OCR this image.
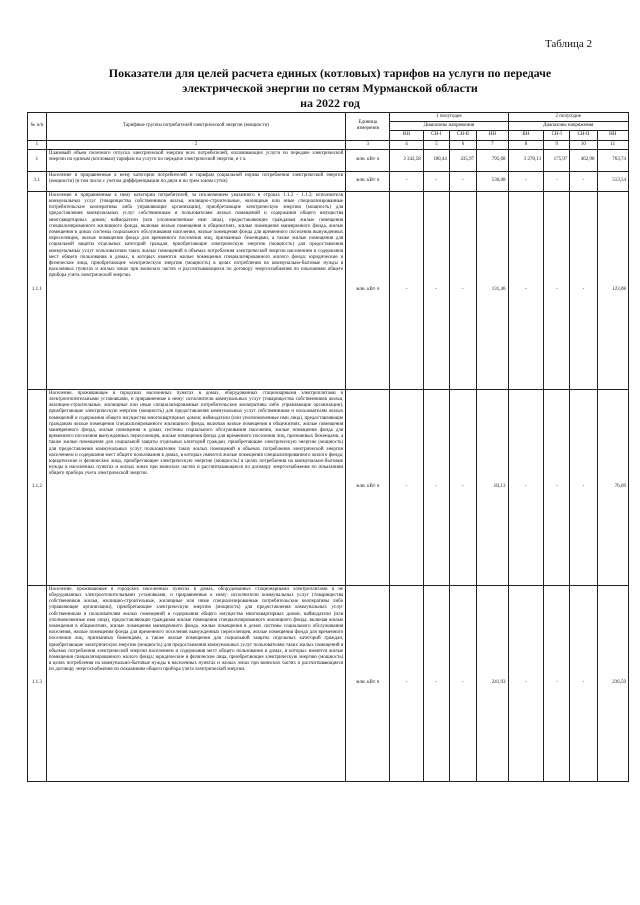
Таблица 2
Показатели для целей расчета единых (котловых) тарифов на услуги по передаче
электрической энергии по сетям Мурманской области
на 2022 год
№ п/п	Тарифные группы потребителей электрической энергии (мощности)	Единица измерения	1 полугодие				2 полугодие			
			Диапазоны напряжения				Диапазоны напряжения			
			ВН	СН-I	СН-II	НН	ВН	СН-I	СН-II	НН
1	2	3	4	5	6	7	8	9	10	11
1	Плановый объем полезного отпуска электрической энергии всех потребителей, оплачивающих услуги по передаче электрической энергии по единым (котловым) тарифам на услуги по передаче электрической энергии, в т.ч.	млн. кВт·ч	3 342,58	180,44	435,97	795,68	3 278,13	175,97	462,98	763,74
1.1	Население и приравненные к нему категории потребителей и тарифам социальной нормы потребления электрической энергии (мощности) (в том числе с учетом дифференциации по двум и по трем зонам суток)	млн. кВт·ч	-	-	-	536,08	-	-	-	513,54
1.1.1	Население и приравненные к нему категории потребителей, за исключением указанного в строках 1.1.2 - 1.1.3; исполнители коммунальных услуг (товарищества собственников жилья, жилищно-строительные, жилищные или иные специализированные потребительские кооперативы либо управляющие организации), приобретающие электрическую энергию (мощность) для предоставления коммунальных услуг собственникам и пользователям жилых помещений и содержания общего имущества многоквартирных домов; наймодатели (или уполномоченные ими лица), предоставляющие гражданам жилые помещения специализированного жилищного фонда, включая жилые помещения в общежитиях, жилые помещения маневренного фонда, жилые помещения в домах системы социального обслуживания населения, жилые помещения фонда для временного поселения вынужденных переселенцев, жилые помещения фонда для временного поселения лиц, признанных беженцами, а также жилые помещения для социальной защиты отдельных категорий граждан, приобретающие электрическую энергию (мощность) для предоставления коммунальных услуг пользователям таких жилых помещений в объемах потребления электрической энергии населением и содержания мест общего пользования в домах, в которых имеются жилые помещения специализированного жилого фонда; юридические и физические лица, приобретающие электрическую энергию (мощность) в целях потребления на коммунально-бытовые нужды в населенных пунктах и жилых зонах при воинских частях и рассчитывающиеся по договору энергоснабжения по показаниям общего прибора учета электрической энергии.	млн. кВт·ч	-	-	-	131,46	-	-	-	123,08
1.1.2	Население, проживающее в городских населенных пунктах в домах, оборудованных стационарными электроплитами и электроотопительными установками, и приравненные к нему: исполнители коммунальных услуг (товарищества собственников жилья, жилищно-строительные, жилищные или иные специализированные потребительские кооперативы либо управляющие организации), приобретающие электрическую энергию (мощность) для предоставления коммунальных услуг собственникам и пользователям жилых помещений и содержания общего имущества многоквартирных домов; наймодатели (или уполномоченные ими лица), предоставляющие гражданам жилые помещения специализированного жилищного фонда, включая жилые помещения в общежитиях, жилые помещения маневренного фонда, жилые помещения в домах системы социального обслуживания населения, жилые помещения фонда для временного поселения вынужденных переселенцев, жилые помещения фонда для временного поселения лиц, признанных беженцами, а также жилые помещения для социальной защиты отдельных категорий граждан, приобретающие электрическую энергию (мощность) для предоставления коммунальных услуг пользователям таких жилых помещений в объемах потребления электрической энергии населением и содержания мест общего пользования в домах, в которых имеются жилые помещения специализированного жилого фонда; юридические и физические лица, приобретающие электрическую энергию (мощность) в целях потребления на коммунально-бытовые нужды в населенных пунктах и жилых зонах при воинских частях и рассчитывающиеся по договору энергоснабжения по показаниям общего прибора учета электрической энергии.	млн. кВт·ч	-	-	-	83,13	-	-	-	76,09
1.1.3	Население, проживающее в городских населенных пунктах в домах, оборудованных стационарными электроплитами и не оборудованных электроотопительными установками, и приравненные к нему: исполнители коммунальных услуг (товарищества собственников жилья, жилищно-строительные, жилищные или иные специализированные потребительские кооперативы либо управляющие организации), приобретающие электрическую энергию (мощность) для предоставления коммунальных услуг собственникам и пользователям жилых помещений и содержания общего имущества многоквартирных домов; наймодатели (или уполномоченные ими лица), предоставляющие гражданам жилые помещения специализированного жилищного фонда, включая жилые помещения в общежитиях, жилые помещения маневренного фонда, жилые помещения в домах системы социального обслуживания населения, жилые помещения фонда для временного поселения вынужденных переселенцев, жилые помещения фонда для временного поселения лиц, признанных беженцами, а также жилые помещения для социальной защиты отдельных категорий граждан, приобретающие электрическую энергию (мощность) для предоставления коммунальных услуг пользователям таких жилых помещений в объемах потребления электрической энергии населением и содержания мест общего пользования в домах, в которых имеются жилые помещения специализированного жилого фонда; юридические и физические лица, приобретающие электрическую энергию (мощность) в целях потребления на коммунально-бытовые нужды в населенных пунктах и жилых зонах при воинских частях и рассчитывающиеся по договору энергоснабжения по показаниям общего прибора учета электрической энергии.	млн. кВт·ч	-	-	-	241,93	-	-	-	236,59
